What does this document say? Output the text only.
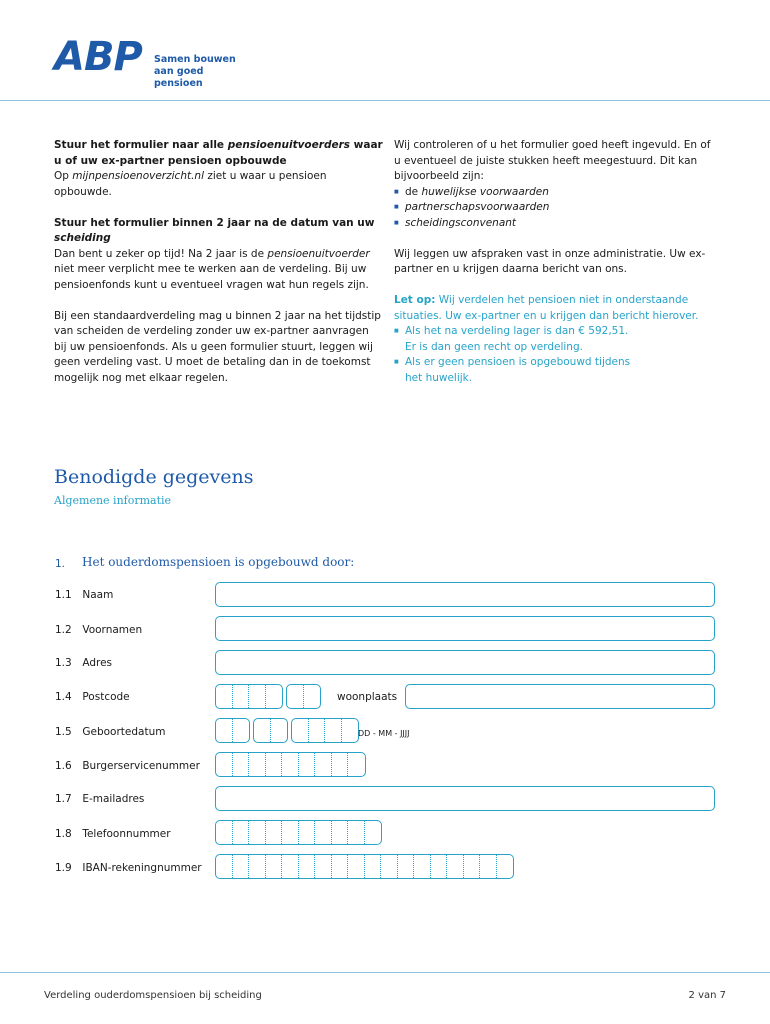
ABP Samen bouwen
aan goed pensioen

Stuur het formulier naar alle pensioenuitvoerders waar u of uw ex-partner pensioen opbouwde
Op mijnpensioenoverzicht.nl ziet u waar u pensioen opbouwde.

Stuur het formulier binnen 2 jaar na de datum van uw scheiding
Dan bent u zeker op tijd! Na 2 jaar is de pensioenuitvoerder niet meer verplicht mee te werken aan de verdeling. Bij uw pensioenfonds kunt u eventueel vragen wat hun regels zijn.

Bij een standaardverdeling mag u binnen 2 jaar na het tijdstip van scheiden de verdeling zonder uw ex-partner aanvragen bij uw pensioenfonds. Als u geen formulier stuurt, leggen wij geen verdeling vast. U moet de betaling dan in de toekomst mogelijk nog met elkaar regelen.

Wij controleren of u het formulier goed heeft ingevuld. En of u eventueel de juiste stukken heeft meegestuurd. Dit kan bijvoorbeeld zijn:
■ de huwelijkse voorwaarden
■ partnerschapsvoorwaarden
■ scheidingsconvenant

Wij leggen uw afspraken vast in onze administratie. Uw ex-partner en u krijgen daarna bericht van ons.

Let op: Wij verdelen het pensioen niet in onderstaande situaties. Uw ex-partner en u krijgen dan bericht hierover.
■ Als het na verdeling lager is dan € 592,51.
Er is dan geen recht op verdeling.
■ Als er geen pensioen is opgebouwd tijdens
het huwelijk.

Benodigde gegevens
Algemene informatie
1. Het ouderdomspensioen is opgebouwd door:
1.1 Naam
1.2 Voornamen
1.3 Adres
1.4 Postcode
1.5 Geboortedatum
1.6 Burgerservicenummer
1.7 E-mailadres
1.8 Telefoonnummer
1.9 IBAN-rekeningnummer
woonplaats
DD - MM - JJJJ
Verdeling ouderdomspensioen bij scheiding	2 van 7
